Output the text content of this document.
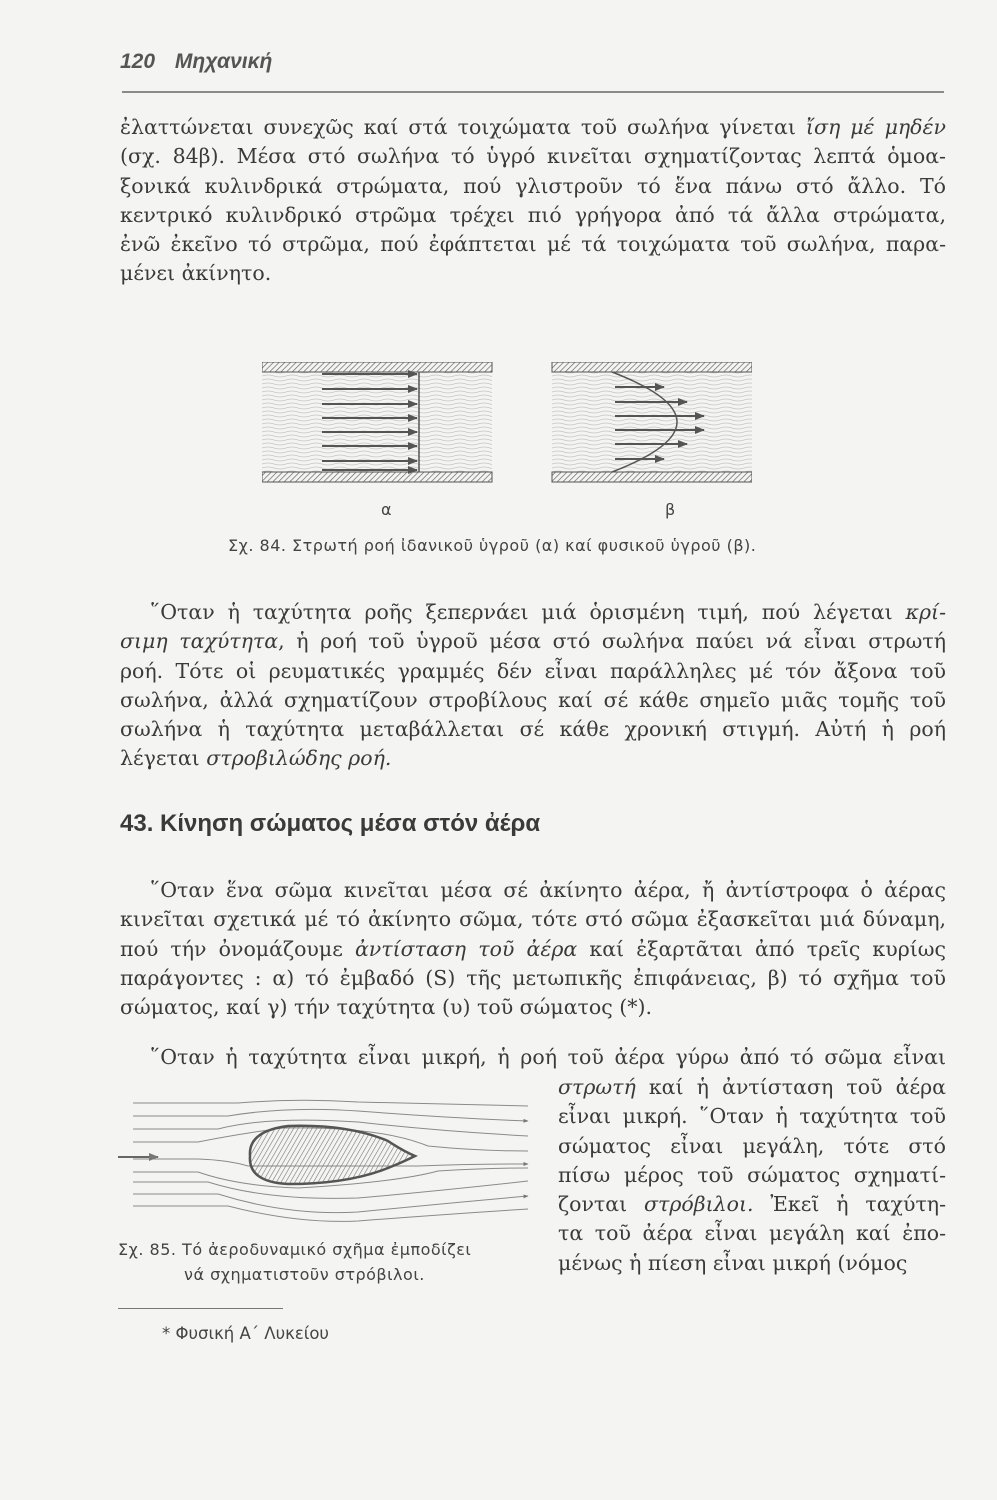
120 Μηχανική
ἐλαττώνεται συνεχῶς καί στά τοιχώματα τοῦ σωλήνα γίνεται ἴση μέ μηδέν
(σχ. 84β). Μέσα στό σωλήνα τό ὑγρό κινεῖται σχηματίζοντας λεπτά ὁμοα-
ξονικά κυλινδρικά στρώματα, πού γλιστροῦν τό ἕνα πάνω στό ἄλλο. Τό
κεντρικό κυλινδρικό στρῶμα τρέχει πιό γρήγορα ἀπό τά ἄλλα στρώματα,
ἐνῶ ἐκεῖνο τό στρῶμα, πού ἐφάπτεται μέ τά τοιχώματα τοῦ σωλήνα, παρα-
μένει ἀκίνητο.
α	β
Σχ. 84. Στρωτή ροή ἰδανικοῦ ὑγροῦ (α) καί φυσικοῦ ὑγροῦ (β).
῞Οταν ἡ ταχύτητα ροῆς ξεπερνάει μιά ὁρισμένη τιμή, πού λέγεται κρί-
σιμη ταχύτητα, ἡ ροή τοῦ ὑγροῦ μέσα στό σωλήνα παύει νά εἶναι στρωτή
ροή. Τότε οἱ ρευματικές γραμμές δέν εἶναι παράλληλες μέ τόν ἄξονα τοῦ
σωλήνα, ἀλλά σχηματίζουν στροβίλους καί σέ κάθε σημεῖο μιᾶς τομῆς τοῦ
σωλήνα ἡ ταχύτητα μεταβάλλεται σέ κάθε χρονική στιγμή. Αὐτή ἡ ροή
λέγεται στροβιλώδης ροή.
43. Κίνηση σώματος μέσα στόν ἀέρα
῞Οταν ἕνα σῶμα κινεῖται μέσα σέ ἀκίνητο ἀέρα, ἤ ἀντίστροφα ὁ ἀέρας
κινεῖται σχετικά μέ τό ἀκίνητο σῶμα, τότε στό σῶμα ἐξασκεῖται μιά δύναμη,
πού τήν ὀνομάζουμε ἀντίσταση τοῦ ἀέρα καί ἐξαρτᾶται ἀπό τρεῖς κυρίως
παράγοντες : α) τό ἐμβαδό (S) τῆς μετωπικῆς ἐπιφάνειας, β) τό σχῆμα τοῦ
σώματος, καί γ) τήν ταχύτητα (υ) τοῦ σώματος (*).
῞Οταν ἡ ταχύτητα εἶναι μικρή, ἡ ροή τοῦ ἀέρα γύρω ἀπό τό σῶμα εἶναι
στρωτή καί ἡ ἀντίσταση τοῦ ἀέρα
εἶναι μικρή. ῞Οταν ἡ ταχύτητα τοῦ
σώματος εἶναι μεγάλη, τότε στό
πίσω μέρος τοῦ σώματος σχηματί-
ζονται στρόβιλοι. Ἐκεῖ ἡ ταχύτη-
τα τοῦ ἀέρα εἶναι μεγάλη καί ἐπο-
μένως ἡ πίεση εἶναι μικρή (νόμος
Σχ. 85. Τό ἀεροδυναμικό σχῆμα ἐμποδίζει
νά σχηματιστοῦν στρόβιλοι.
* Φυσική Α΄ Λυκείου
